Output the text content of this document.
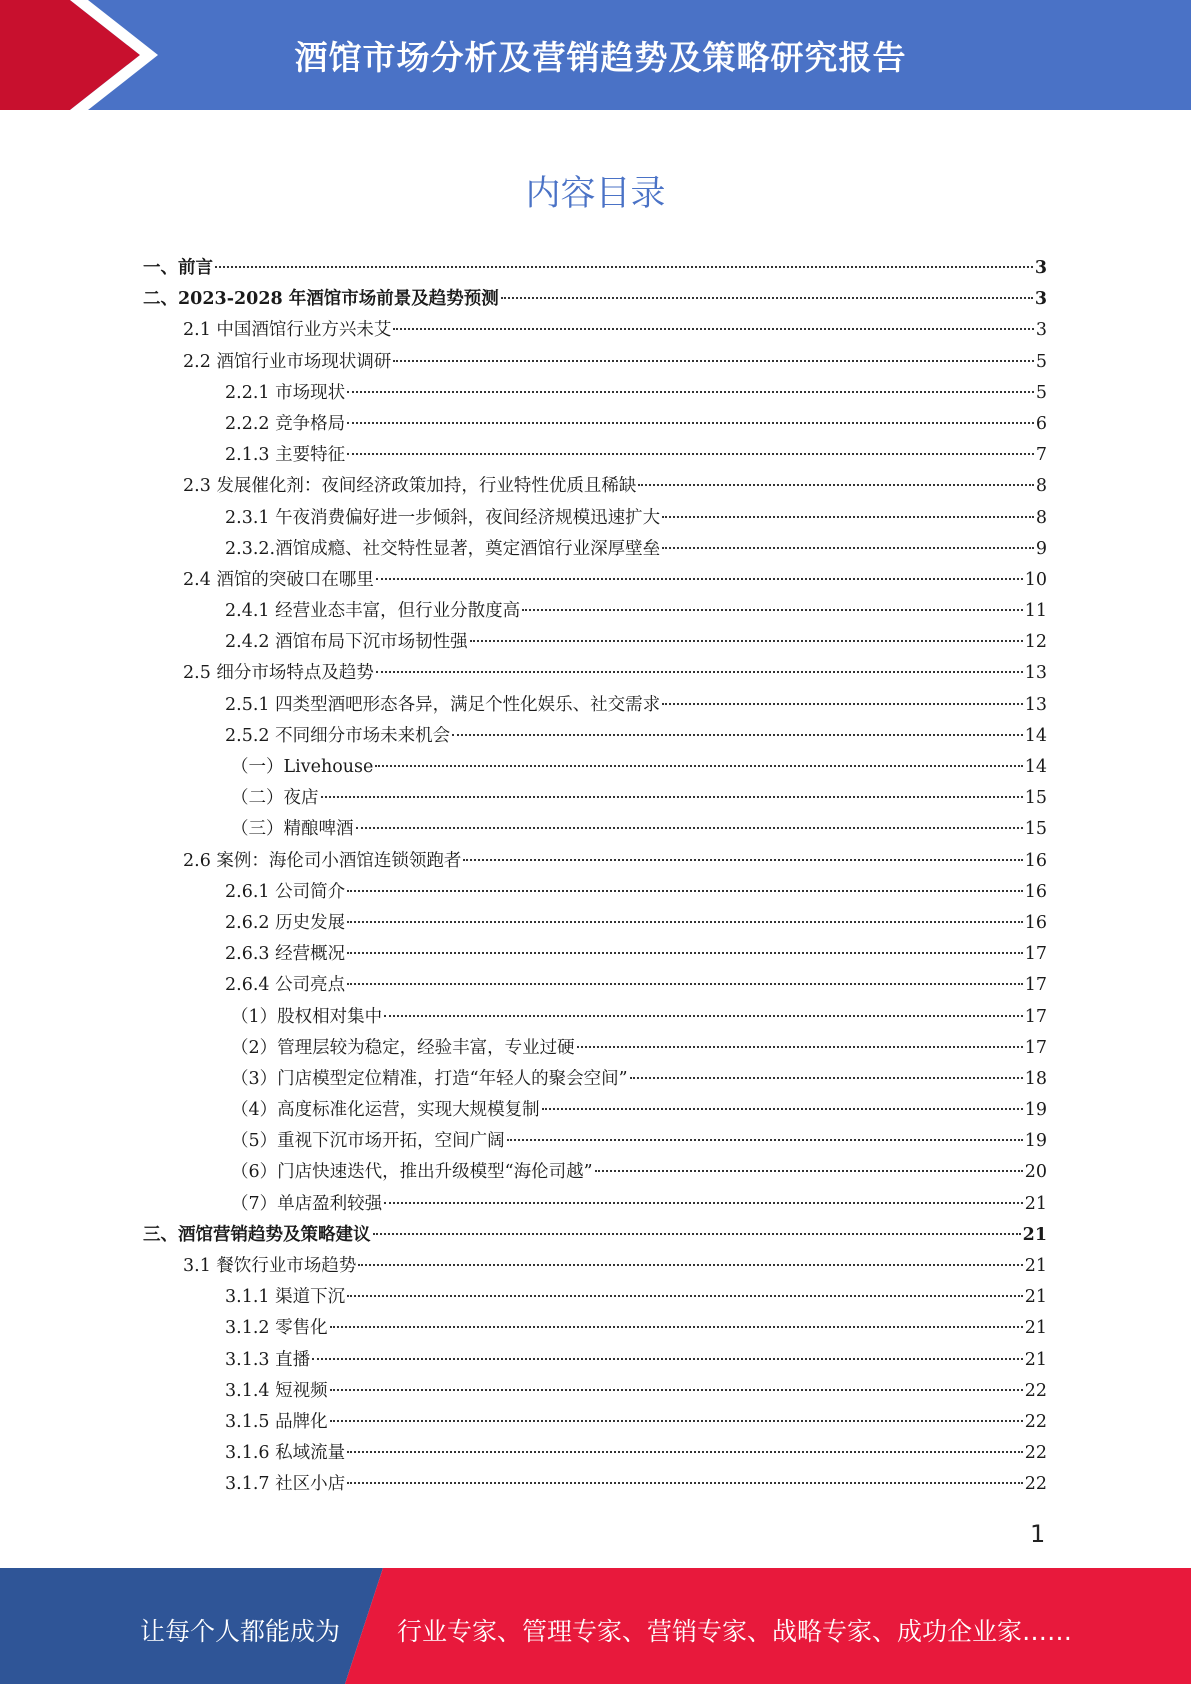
酒馆市场分析及营销趋势及策略研究报告
内容目录
一、前言	3
二、2023-2028 年酒馆市场前景及趋势预测	3
2.1 中国酒馆行业方兴未艾	3
2.2 酒馆行业市场现状调研	5
2.2.1 市场现状	5
2.2.2 竞争格局	6
2.1.3 主要特征	7
2.3 发展催化剂：夜间经济政策加持，行业特性优质且稀缺	8
2.3.1 午夜消费偏好进一步倾斜，夜间经济规模迅速扩大	8
2.3.2.酒馆成瘾、社交特性显著，奠定酒馆行业深厚壁垒	9
2.4 酒馆的突破口在哪里	10
2.4.1 经营业态丰富，但行业分散度高	11
2.4.2 酒馆布局下沉市场韧性强	12
2.5 细分市场特点及趋势	13
2.5.1 四类型酒吧形态各异，满足个性化娱乐、社交需求	13
2.5.2 不同细分市场未来机会	14
（一）Livehouse	14
（二）夜店	15
（三）精酿啤酒	15
2.6 案例：海伦司小酒馆连锁领跑者	16
2.6.1 公司简介	16
2.6.2 历史发展	16
2.6.3 经营概况	17
2.6.4 公司亮点	17
（1）股权相对集中	17
（2）管理层较为稳定，经验丰富，专业过硬	17
（3）门店模型定位精准，打造“年轻人的聚会空间”	18
（4）高度标准化运营，实现大规模复制	19
（5）重视下沉市场开拓，空间广阔	19
（6）门店快速迭代，推出升级模型“海伦司越”	20
（7）单店盈利较强	21
三、酒馆营销趋势及策略建议	21
3.1 餐饮行业市场趋势	21
3.1.1 渠道下沉	21
3.1.2 零售化	21
3.1.3 直播	21
3.1.4 短视频	22
3.1.5 品牌化	22
3.1.6 私域流量	22
3.1.7 社区小店	22
1
让每个人都能成为 行业专家、管理专家、营销专家、战略专家、成功企业家……
